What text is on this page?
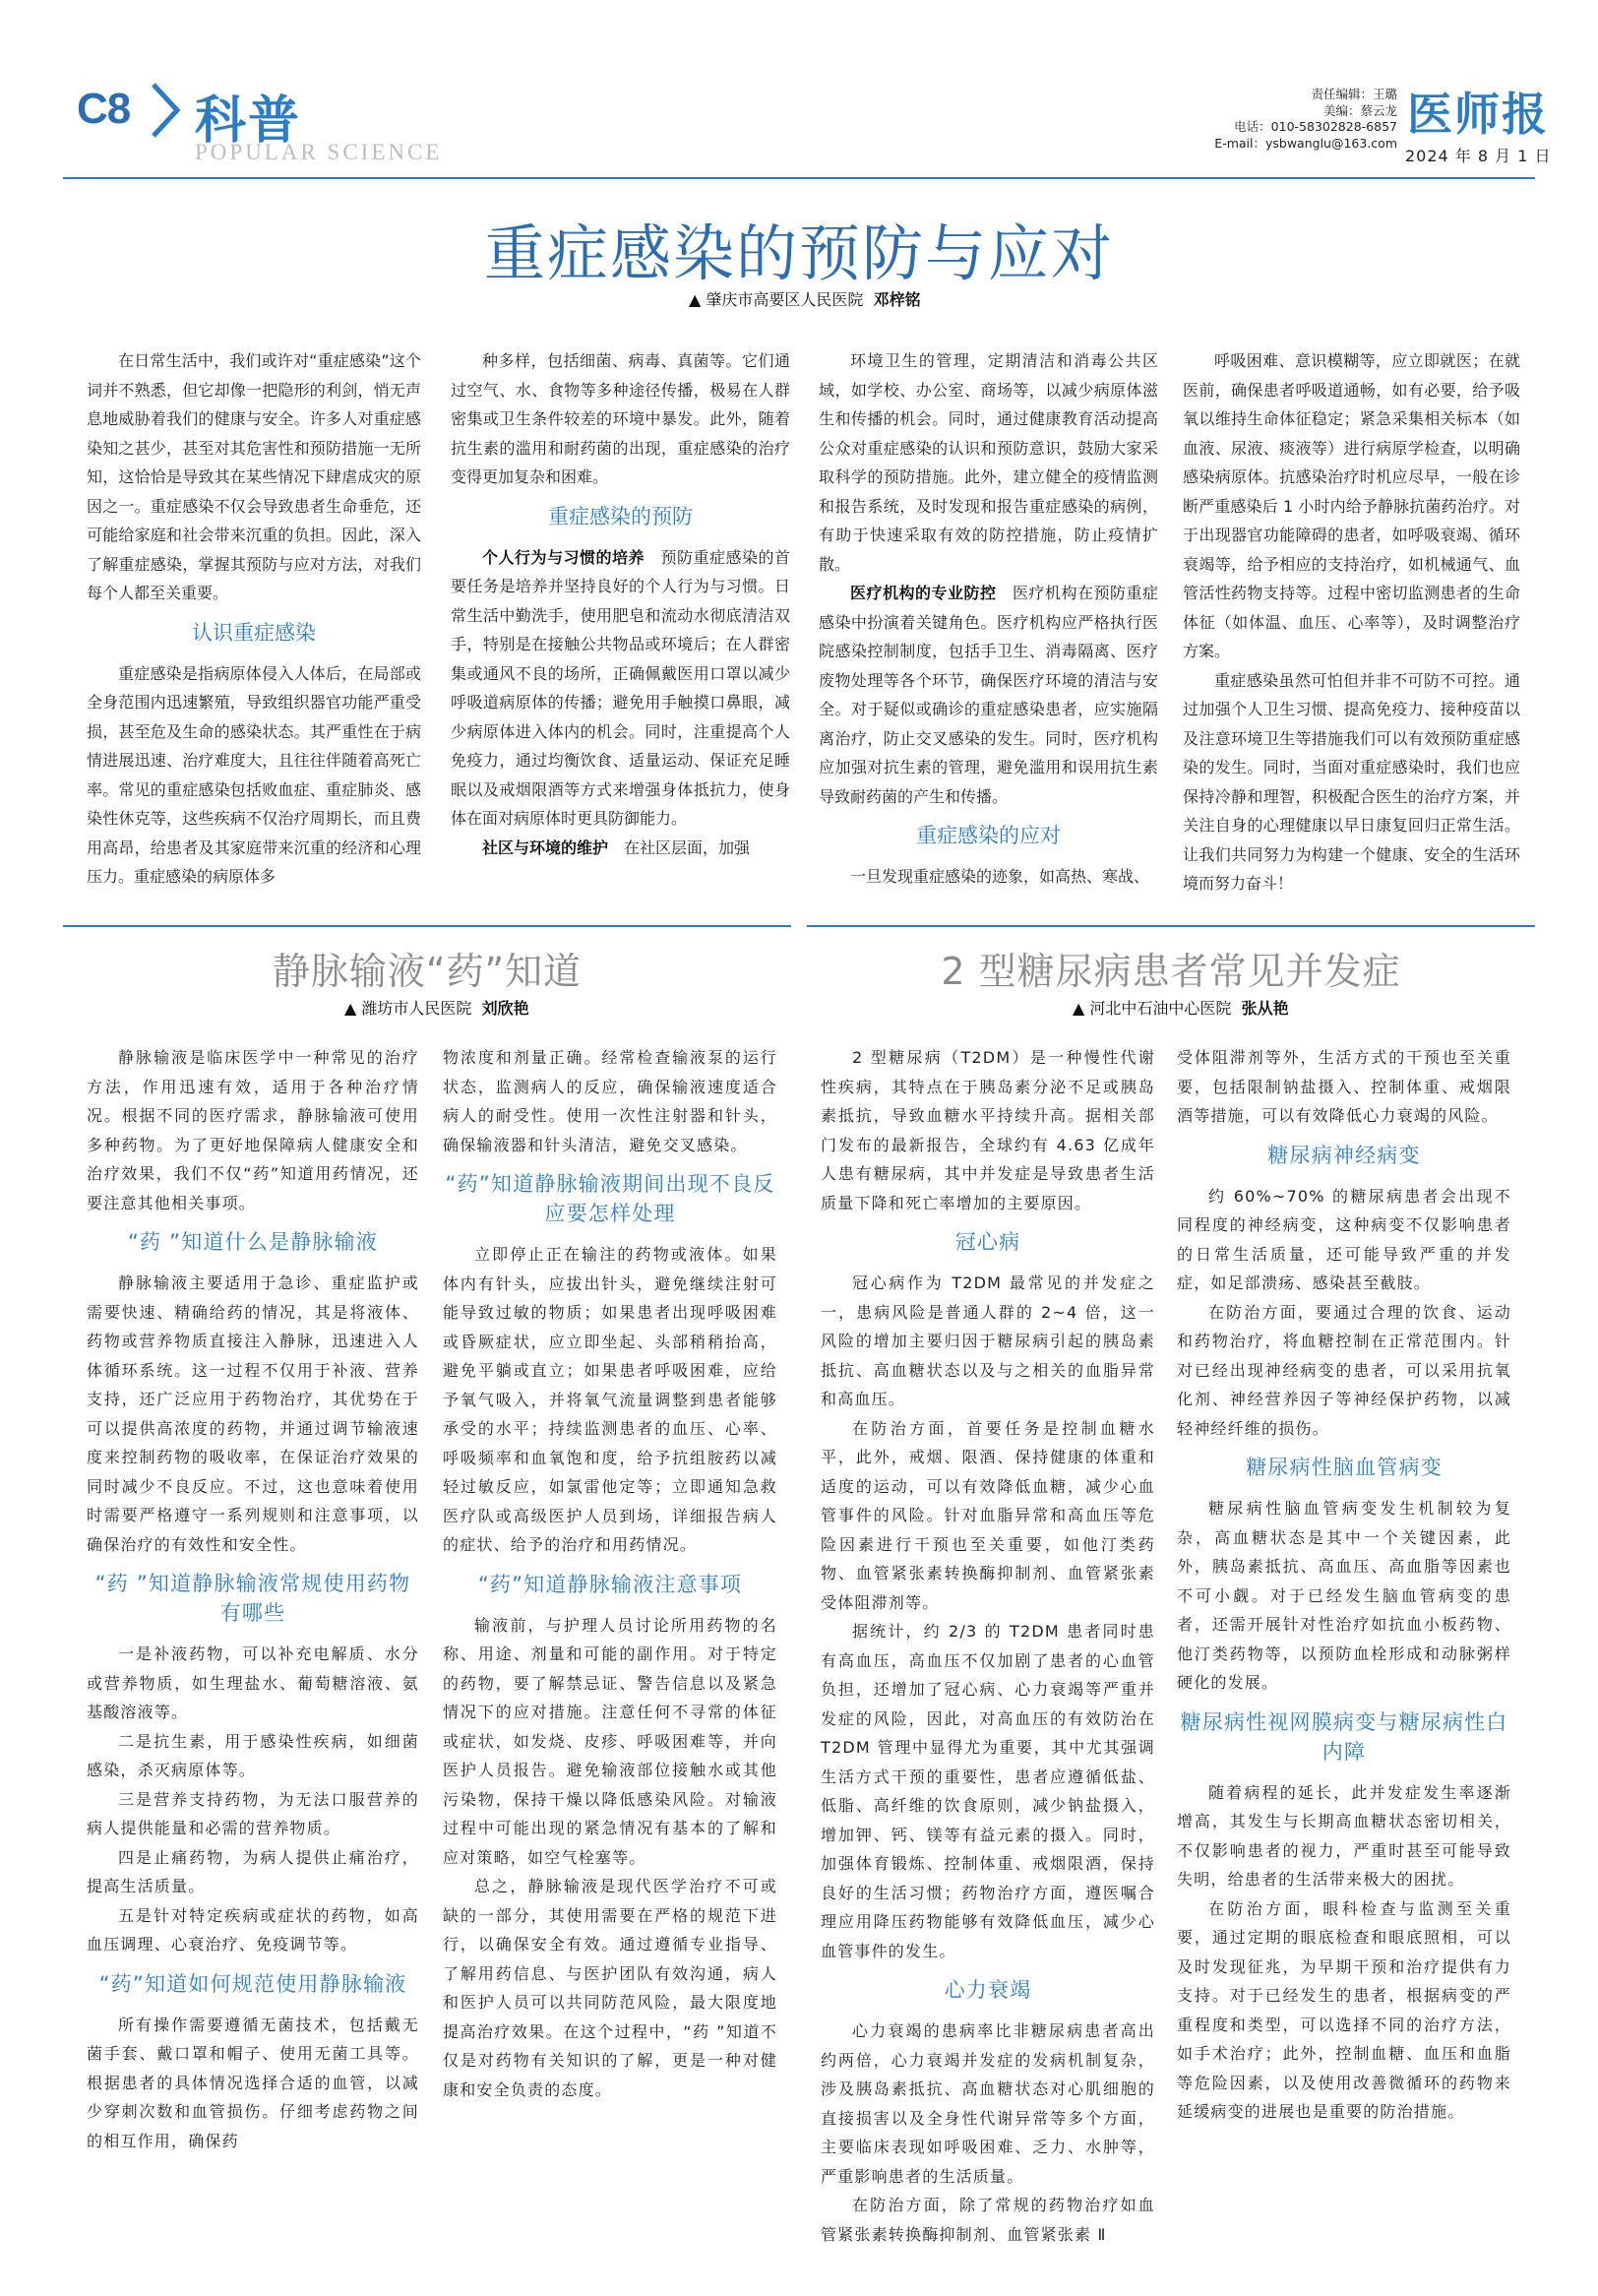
C8 科普
POPULAR SCIENCE
责任编辑：王璐
美编：蔡云龙
电话：010-58302828-6857
E-mail：ysbwanglu@163.com
医师报
2024 年 8 月 1 日
重症感染的预防与应对
▲ 肇庆市高要区人民医院 邓梓铭

在日常生活中，我们或许对“重症感染”这个词并不熟悉，但它却像一把隐形的利剑，悄无声息地威胁着我们的健康与安全。许多人对重症感染知之甚少，甚至对其危害性和预防措施一无所知，这恰恰是导致其在某些情况下肆虐成灾的原因之一。重症感染不仅会导致患者生命垂危，还可能给家庭和社会带来沉重的负担。因此，深入了解重症感染，掌握其预防与应对方法，对我们每个人都至关重要。

认识重症感染

重症感染是指病原体侵入人体后，在局部或全身范围内迅速繁殖，导致组织器官功能严重受损，甚至危及生命的感染状态。其严重性在于病情进展迅速、治疗难度大，且往往伴随着高死亡率。常见的重症感染包括败血症、重症肺炎、感染性休克等，这些疾病不仅治疗周期长，而且费用高昂，给患者及其家庭带来沉重的经济和心理压力。重症感染的病原体多

种多样，包括细菌、病毒、真菌等。它们通过空气、水、食物等多种途径传播，极易在人群密集或卫生条件较差的环境中暴发。此外，随着抗生素的滥用和耐药菌的出现，重症感染的治疗变得更加复杂和困难。

重症感染的预防

个人行为与习惯的培养　 预防重症感染的首要任务是培养并坚持良好的个人行为与习惯。日常生活中勤洗手，使用肥皂和流动水彻底清洁双手，特别是在接触公共物品或环境后；在人群密集或通风不良的场所，正确佩戴医用口罩以减少呼吸道病原体的传播；避免用手触摸口鼻眼，减少病原体进入体内的机会。同时，注重提高个人免疫力，通过均衡饮食、适量运动、保证充足睡眠以及戒烟限酒等方式来增强身体抵抗力，使身体在面对病原体时更具防御能力。

社区与环境的维护　 在社区层面，加强

环境卫生的管理，定期清洁和消毒公共区域，如学校、办公室、商场等，以减少病原体滋生和传播的机会。同时，通过健康教育活动提高公众对重症感染的认识和预防意识，鼓励大家采取科学的预防措施。此外，建立健全的疫情监测和报告系统，及时发现和报告重症感染的病例，有助于快速采取有效的防控措施，防止疫情扩散。

医疗机构的专业防控　 医疗机构在预防重症感染中扮演着关键角色。医疗机构应严格执行医院感染控制制度，包括手卫生、消毒隔离、医疗废物处理等各个环节，确保医疗环境的清洁与安全。对于疑似或确诊的重症感染患者，应实施隔离治疗，防止交叉感染的发生。同时，医疗机构应加强对抗生素的管理，避免滥用和误用抗生素导致耐药菌的产生和传播。

重症感染的应对

一旦发现重症感染的迹象，如高热、寒战、

呼吸困难、意识模糊等，应立即就医；在就医前，确保患者呼吸道通畅，如有必要，给予吸氧以维持生命体征稳定；紧急采集相关标本（如血液、尿液、痰液等）进行病原学检查，以明确感染病原体。抗感染治疗时机应尽早，一般在诊断严重感染后 1 小时内给予静脉抗菌药治疗。对于出现器官功能障碍的患者，如呼吸衰竭、循环衰竭等，给予相应的支持治疗，如机械通气、血管活性药物支持等。过程中密切监测患者的生命体征（如体温、血压、心率等），及时调整治疗方案。

重症感染虽然可怕但并非不可防不可控。通过加强个人卫生习惯、提高免疫力、接种疫苗以及注意环境卫生等措施我们可以有效预防重症感染的发生。同时，当面对重症感染时，我们也应保持冷静和理智，积极配合医生的治疗方案，并关注自身的心理健康以早日康复回归正常生活。让我们共同努力为构建一个健康、安全的生活环境而努力奋斗！

静脉输液“药”知道
▲ 潍坊市人民医院 刘欣艳

静脉输液是临床医学中一种常见的治疗方法，作用迅速有效，适用于各种治疗情况。根据不同的医疗需求，静脉输液可使用多种药物。为了更好地保障病人健康安全和治疗效果，我们不仅“药”知道用药情况，还要注意其他相关事项。

“药 ”知道什么是静脉输液

静脉输液主要适用于急诊、重症监护或需要快速、精确给药的情况，其是将液体、药物或营养物质直接注入静脉，迅速进入人体循环系统。这一过程不仅用于补液、营养支持，还广泛应用于药物治疗，其优势在于可以提供高浓度的药物，并通过调节输液速度来控制药物的吸收率，在保证治疗效果的同时减少不良反应。不过，这也意味着使用时需要严格遵守一系列规则和注意事项，以确保治疗的有效性和安全性。

“药 ”知道静脉输液常规使用药物有哪些

一是补液药物，可以补充电解质、水分或营养物质，如生理盐水、葡萄糖溶液、氨基酸溶液等。

二是抗生素，用于感染性疾病，如细菌感染，杀灭病原体等。

三是营养支持药物，为无法口服营养的病人提供能量和必需的营养物质。

四是止痛药物，为病人提供止痛治疗，提高生活质量。

五是针对特定疾病或症状的药物，如高血压调理、心衰治疗、免疫调节等。

“药”知道如何规范使用静脉输液

所有操作需要遵循无菌技术，包括戴无菌手套、戴口罩和帽子、使用无菌工具等。根据患者的具体情况选择合适的血管，以减少穿刺次数和血管损伤。仔细考虑药物之间的相互作用，确保药

物浓度和剂量正确。经常检查输液泵的运行状态，监测病人的反应，确保输液速度适合病人的耐受性。使用一次性注射器和针头，确保输液器和针头清洁，避免交叉感染。

“药”知道静脉输液期间出现不良反应要怎样处理

立即停止正在输注的药物或液体。如果体内有针头，应拔出针头，避免继续注射可能导致过敏的物质；如果患者出现呼吸困难或昏厥症状，应立即坐起、头部稍稍抬高，避免平躺或直立；如果患者呼吸困难，应给予氧气吸入，并将氧气流量调整到患者能够承受的水平；持续监测患者的血压、心率、呼吸频率和血氧饱和度，给予抗组胺药以减轻过敏反应，如氯雷他定等；立即通知急救医疗队或高级医护人员到场，详细报告病人的症状、给予的治疗和用药情况。

“药”知道静脉输液注意事项

输液前，与护理人员讨论所用药物的名称、用途、剂量和可能的副作用。对于特定的药物，要了解禁忌证、警告信息以及紧急情况下的应对措施。注意任何不寻常的体征或症状，如发烧、皮疹、呼吸困难等，并向医护人员报告。避免输液部位接触水或其他污染物，保持干燥以降低感染风险。对输液过程中可能出现的紧急情况有基本的了解和应对策略，如空气栓塞等。

总之，静脉输液是现代医学治疗不可或缺的一部分，其使用需要在严格的规范下进行，以确保安全有效。通过遵循专业指导、了解用药信息、与医护团队有效沟通，病人和医护人员可以共同防范风险，最大限度地提高治疗效果。在这个过程中，“药 ”知道不仅是对药物有关知识的了解，更是一种对健康和安全负责的态度。

2 型糖尿病患者常见并发症
▲ 河北中石油中心医院 张从艳

2 型糖尿病（T2DM）是一种慢性代谢性疾病，其特点在于胰岛素分泌不足或胰岛素抵抗，导致血糖水平持续升高。据相关部门发布的最新报告，全球约有 4.63 亿成年人患有糖尿病，其中并发症是导致患者生活质量下降和死亡率增加的主要原因。

冠心病

冠心病作为 T2DM 最常见的并发症之一，患病风险是普通人群的 2~4 倍，这一风险的增加主要归因于糖尿病引起的胰岛素抵抗、高血糖状态以及与之相关的血脂异常和高血压。

在防治方面，首要任务是控制血糖水平，此外，戒烟、限酒、保持健康的体重和适度的运动，可以有效降低血糖，减少心血管事件的风险。针对血脂异常和高血压等危险因素进行干预也至关重要，如他汀类药物、血管紧张素转换酶抑制剂、血管紧张素受体阻滞剂等。

据统计，约 2/3 的 T2DM 患者同时患有高血压，高血压不仅加剧了患者的心血管负担，还增加了冠心病、心力衰竭等严重并发症的风险，因此，对高血压的有效防治在 T2DM 管理中显得尤为重要，其中尤其强调生活方式干预的重要性，患者应遵循低盐、低脂、高纤维的饮食原则，减少钠盐摄入，增加钾、钙、镁等有益元素的摄入。同时，加强体育锻炼、控制体重、戒烟限酒，保持良好的生活习惯；药物治疗方面，遵医嘱合理应用降压药物能够有效降低血压，减少心血管事件的发生。

心力衰竭

心力衰竭的患病率比非糖尿病患者高出约两倍，心力衰竭并发症的发病机制复杂，涉及胰岛素抵抗、高血糖状态对心肌细胞的直接损害以及全身性代谢异常等多个方面，主要临床表现如呼吸困难、乏力、水肿等，严重影响患者的生活质量。

在防治方面，除了常规的药物治疗如血管紧张素转换酶抑制剂、血管紧张素 Ⅱ

受体阻滞剂等外，生活方式的干预也至关重要，包括限制钠盐摄入、控制体重、戒烟限酒等措施，可以有效降低心力衰竭的风险。

糖尿病神经病变

约 60%~70% 的糖尿病患者会出现不同程度的神经病变，这种病变不仅影响患者的日常生活质量，还可能导致严重的并发症，如足部溃疡、感染甚至截肢。

在防治方面，要通过合理的饮食、运动和药物治疗，将血糖控制在正常范围内。针对已经出现神经病变的患者，可以采用抗氧化剂、神经营养因子等神经保护药物，以减轻神经纤维的损伤。

糖尿病性脑血管病变

糖尿病性脑血管病变发生机制较为复杂，高血糖状态是其中一个关键因素，此外，胰岛素抵抗、高血压、高血脂等因素也不可小觑。对于已经发生脑血管病变的患者，还需开展针对性治疗如抗血小板药物、他汀类药物等，以预防血栓形成和动脉粥样硬化的发展。

糖尿病性视网膜病变与糖尿病性白内障

随着病程的延长，此并发症发生率逐渐增高，其发生与长期高血糖状态密切相关，不仅影响患者的视力，严重时甚至可能导致失明，给患者的生活带来极大的困扰。

在防治方面，眼科检查与监测至关重要，通过定期的眼底检查和眼底照相，可以及时发现征兆，为早期干预和治疗提供有力支持。对于已经发生的患者，根据病变的严重程度和类型，可以选择不同的治疗方法，如手术治疗；此外，控制血糖、血压和血脂等危险因素，以及使用改善微循环的药物来延缓病变的进展也是重要的防治措施。
